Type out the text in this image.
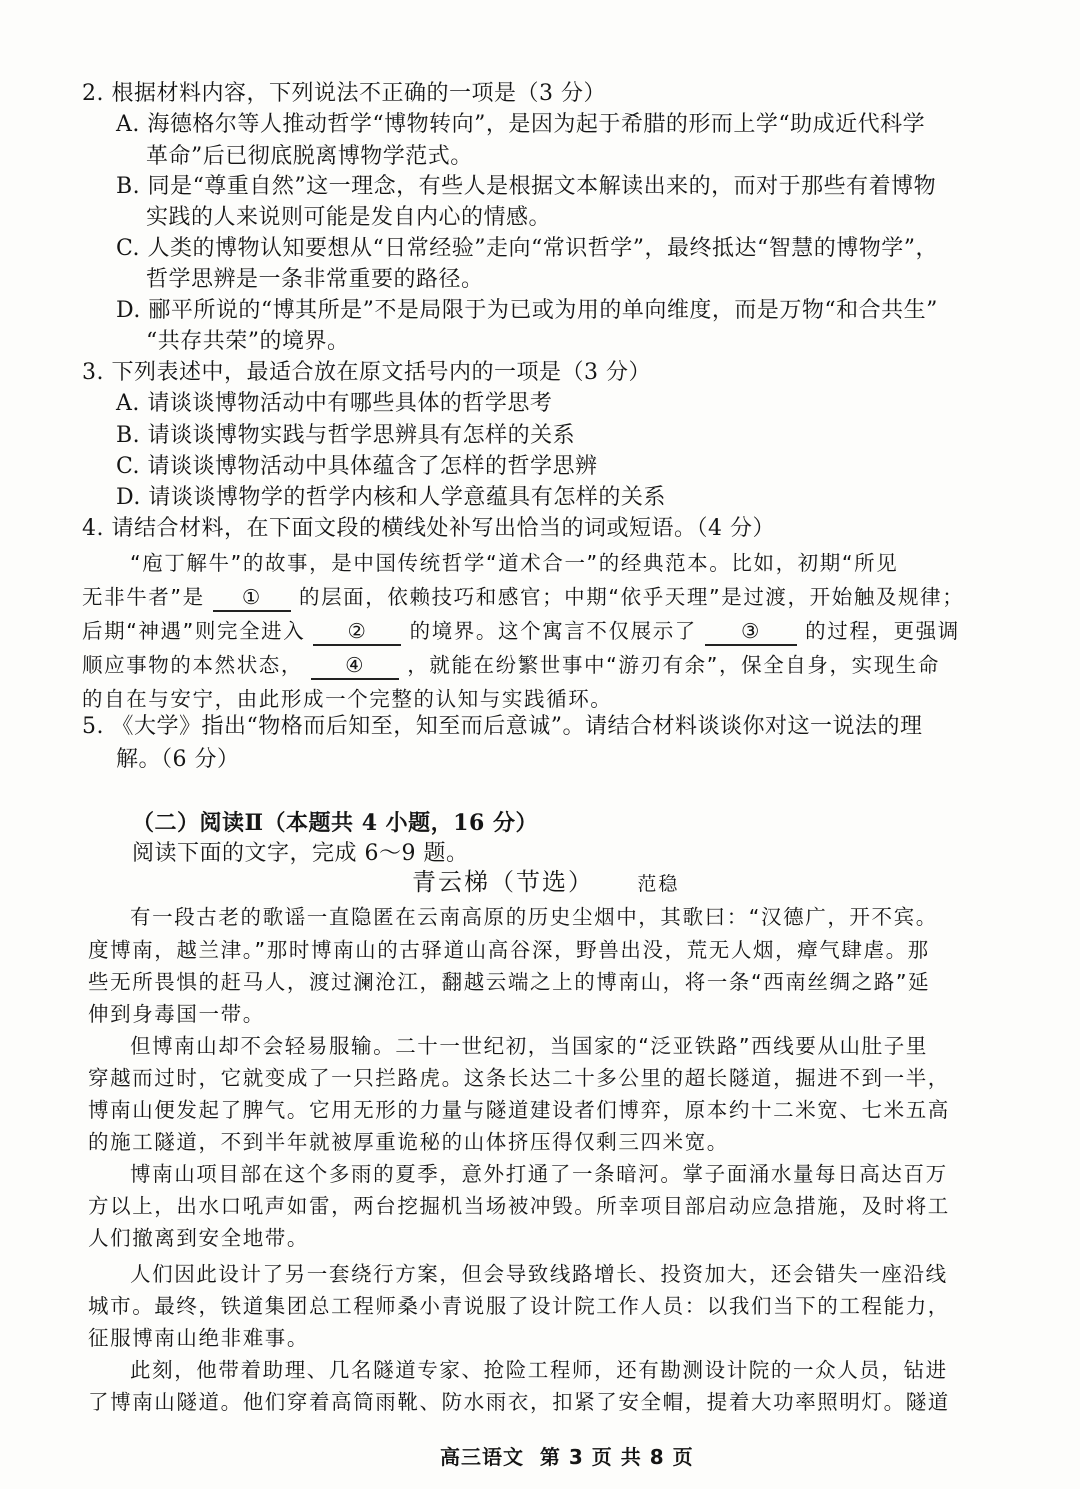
2. 根据材料内容，下列说法不正确的一项是（3 分）
A. 海德格尔等人推动哲学“博物转向”，是因为起于希腊的形而上学“助成近代科学
革命”后已彻底脱离博物学范式。
B. 同是“尊重自然”这一理念，有些人是根据文本解读出来的，而对于那些有着博物
实践的人来说则可能是发自内心的情感。
C. 人类的博物认知要想从“日常经验”走向“常识哲学”，最终抵达“智慧的博物学”，
哲学思辨是一条非常重要的路径。
D. 郦平所说的“博其所是”不是局限于为已或为用的单向维度，而是万物“和合共生”
“共存共荣”的境界。
3. 下列表述中，最适合放在原文括号内的一项是（3 分）
A. 请谈谈博物活动中有哪些具体的哲学思考
B. 请谈谈博物实践与哲学思辨具有怎样的关系
C. 请谈谈博物活动中具体蕴含了怎样的哲学思辨
D. 请谈谈博物学的哲学内核和人学意蕴具有怎样的关系
4. 请结合材料，在下面文段的横线处补写出恰当的词或短语。（4 分）
“庖丁解牛”的故事，是中国传统哲学“道术合一”的经典范本。比如，初期“所见
无非牛者”是 ① 的层面，依赖技巧和感官；中期“依乎天理”是过渡，开始触及规律；
后期“神遇”则完全进入 ② 的境界。这个寓言不仅展示了 ③ 的过程，更强调
顺应事物的本然状态， ④ ，就能在纷繁世事中“游刃有余”，保全自身，实现生命
的自在与安宁，由此形成一个完整的认知与实践循环。
5. 《大学》指出“物格而后知至，知至而后意诚”。请结合材料谈谈你对这一说法的理
解。（6 分）
（二）阅读Ⅱ（本题共 4 小题，16 分）
阅读下面的文字，完成 6～9 题。
青云梯（节选） 范稳
有一段古老的歌谣一直隐匿在云南高原的历史尘烟中，其歌曰：“汉德广，开不宾。
度博南，越兰津。”那时博南山的古驿道山高谷深，野兽出没，荒无人烟，瘴气肆虐。那
些无所畏惧的赶马人，渡过澜沧江，翻越云端之上的博南山，将一条“西南丝绸之路”延
伸到身毒国一带。
但博南山却不会轻易服输。二十一世纪初，当国家的“泛亚铁路”西线要从山肚子里
穿越而过时，它就变成了一只拦路虎。这条长达二十多公里的超长隧道，掘进不到一半，
博南山便发起了脾气。它用无形的力量与隧道建设者们博弈，原本约十二米宽、七米五高
的施工隧道，不到半年就被厚重诡秘的山体挤压得仅剩三四米宽。
博南山项目部在这个多雨的夏季，意外打通了一条暗河。掌子面涌水量每日高达百万
方以上，出水口吼声如雷，两台挖掘机当场被冲毁。所幸项目部启动应急措施，及时将工
人们撤离到安全地带。
人们因此设计了另一套绕行方案，但会导致线路增长、投资加大，还会错失一座沿线
城市。最终，铁道集团总工程师桑小青说服了设计院工作人员：以我们当下的工程能力，
征服博南山绝非难事。
此刻，他带着助理、几名隧道专家、抢险工程师，还有勘测设计院的一众人员，钻进
了博南山隧道。他们穿着高筒雨靴、防水雨衣，扣紧了安全帽，提着大功率照明灯。隧道
高三语文  第 3 页 共 8 页
